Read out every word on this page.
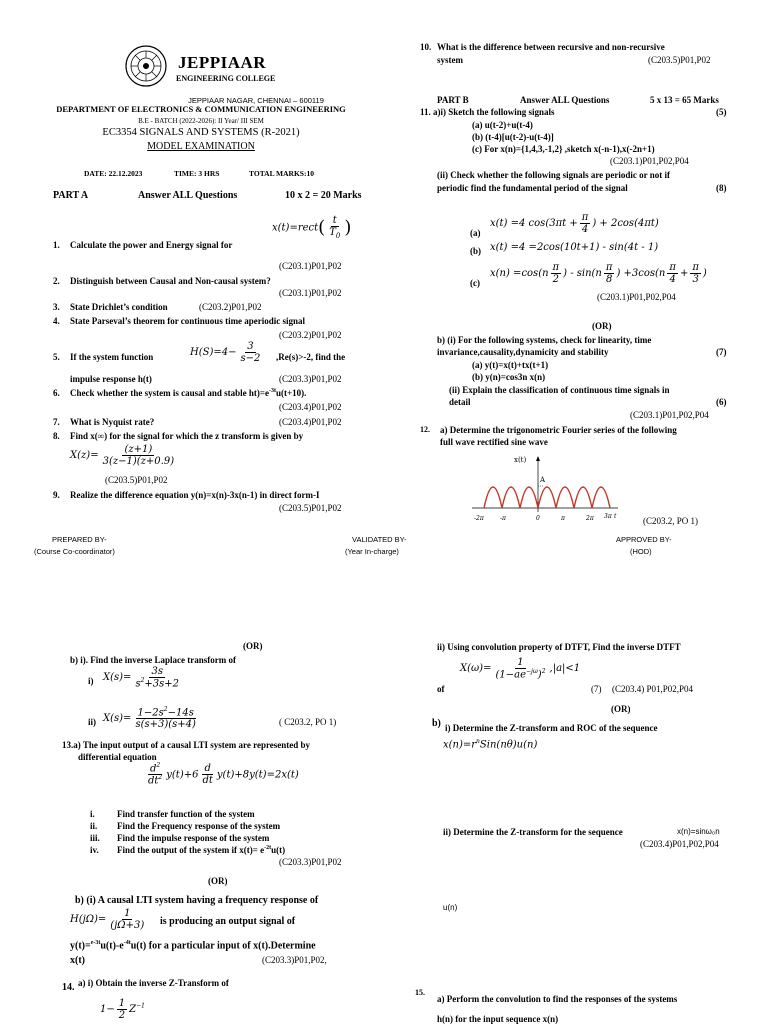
JEPPIAAR
ENGINEERING COLLEGE
JEPPIAAR NAGAR, CHENNAI – 600119
DEPARTMENT OF ELECTRONICS & COMMUNICATION ENGINEERING
B.E - BATCH (2022-2026): II Year/ III SEM
EC3354 SIGNALS AND SYSTEMS (R-2021)
MODEL EXAMINATION
DATE: 22.12.2023	TIME: 3 HRS	TOTAL MARKS:10
PART A	Answer ALL Questions	10 x 2 = 20 Marks
x(t)=rect( $\frac{t}{T_0}$ )
1. Calculate the power and Energy signal for
(C203.1)P01,P02
2. Distinguish between Causal and Non-causal system?
(C203.1)P01,P02
3. State Drichlet’s condition	(C203.2)P01,P02
4. State Parseval’s theorem for continuous time aperiodic signal
(C203.2)P01,P02
5. If the system function	$H(S)=4- \frac{3}{s-2} ,Re(s)>-2$, find the
impulse response h(t)	(C203.3)P01,P02
6. Check whether the system is causal and stable $ht)=e^{-3t}u(t+10)$.
(C203.4)P01,P02
7. What is Nyquist rate?	(C203.4)P01,P02
8. Find x(∞) for the signal for which the z transform is given by
$X(z)= \frac{(z+1)}{3(z-1)(z+0.9)}$
(C203.5)P01,P02
9. Realize the difference equation y(n)=x(n)-3x(n-1) in direct form-I
(C203.5)P01,P02
10. What is the difference between recursive and non-recursive
system	(C203.5)P01,P02
PART B	Answer ALL Questions	5 x 13 = 65 Marks
11. a)i) Sketch the following signals	(5)
(a) u(t-2)+u(t-4)
(b) (t-4)[u(t-2)-u(t-4)]
(c) For x(n)={1,4,3,-1,2} ,sketch x(-n-1),x(-2n+1)
(C203.1)P01,P02,P04
(ii) Check whether the following signals are periodic or not if
periodic find the fundamental period of the signal	(8)
(a)
x(t) =4 $\cos(3\pi t + \frac{\pi}{4}$ ) + 2cos(4πt)
(b) x(t) =4 =2cos(10t+1) - sin(4t - 1)
(c)
$x(n) =\cos(n \frac{\pi}{2}$ ) - $\sin(n \frac{\pi}{8}$ ) $+3\cos(n \frac{\pi}{4} + \frac{\pi}{3}$ )
(C203.1)P01,P02,P04
(OR)
b) (i) For the following systems, check for linearity, time
invariance,causality,dynamicity and stability	(7)
(a) y(t)=x(t)+tx(t+1)
(b) y(n)=cos3n x(n)
(ii) Explain the classification of continuous time signals in
detail	(6)
(C203.1)P01,P02,P04
12. a) Determine the trigonometric Fourier series of the following
full wave rectified sine wave
x(t)
A
-2π	-π	0	π	2π 3π t	(C203.2, PO 1)
PREPARED BY-
(Course Co-coordinator)
VALIDATED BY-
(Year In-charge)
APPROVED BY-
(HOD)
(OR)
b) i). Find the inverse Laplace transform of
i) $X(s)= \frac{3s}{s^2+3s+2}$
ii) $X(s)= \frac{1-2s^2-14s}{s(s+3)(s+4)}$	( C203.2, PO 1)
13.a) The input output of a causal LTI system are represented by
differential equation
$\frac{d^2}{dt^2} y(t)+6 \frac{d}{dt} y(t)+8y(t)=2x(t)$
i. Find transfer function of the system
ii. Find the Frequency response of the system
iii. Find the impulse response of the system
iv. Find the output of the system if $x(t)= e^{-2t}u(t)$
(C203.3)P01,P02
(OR)
b) (i) A causal LTI system having a frequency response of
$H(j\Omega)= \frac{1}{(j\Omega+3)}$ is producing an output signal of
$y(t)=^{e-3t}u(t)-e^{-4t}u(t)$ for a particular input of x(t).Determine
x(t)	(C203.3)P01,P02,
14. a) i) Obtain the inverse Z-Transform of
$1- \frac{1}{2} Z^{-1}$
ii) Using convolution property of DTFT, Find the inverse DTFT
$X(\omega)= \frac{1}{(1-ae^{-j\omega})^2} ,|a|<1$
of	(7) (C203.4) P01,P02,P04
(OR)
b) i) Determine the Z-transform and ROC of the sequence
$x(n)=r^nSin(n\theta)u(n)$
ii) Determine the Z-transform for the sequence	x(n)=sinω₀n
(C203.4)P01,P02,P04
u(n)
15.
a) Perform the convolution to find the responses of the systems
h(n) for the input sequence x(n)
